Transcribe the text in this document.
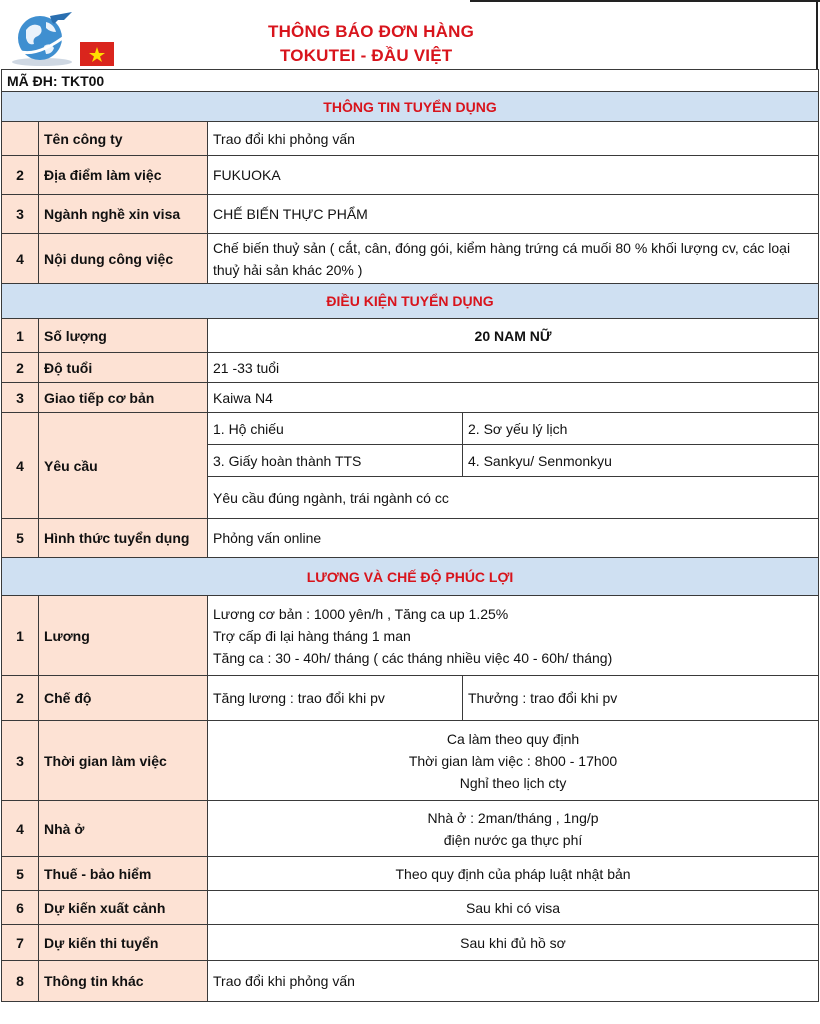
THÔNG BÁO ĐƠN HÀNG
TOKUTEI - ĐẦU VIỆT
MÃ ĐH: TKT00			
THÔNG TIN TUYỂN DỤNG			
	Tên công ty	Trao đổi khi phỏng vấn	
2	Địa điểm làm việc	FUKUOKA	
3	Ngành nghề xin visa	CHẾ BIẾN THỰC PHẨM	
4	Nội dung công việc	Chế biến thuỷ sản ( cắt, cân, đóng gói, kiểm hàng trứng cá muối 80 % khối lượng cv, các loại thuỷ hải sản khác 20% )	
ĐIỀU KIỆN TUYỂN DỤNG			
1	Số lượng	20 NAM NỮ	
2	Độ tuổi	21 -33 tuổi	
3	Giao tiếp cơ bản	Kaiwa N4	
4	Yêu cầu	1. Hộ chiếu	2. Sơ yếu lý lịch
		3. Giấy hoàn thành TTS	4. Sankyu/ Senmonkyu
		Yêu cầu đúng ngành, trái ngành có cc	
5	Hình thức tuyển dụng	Phỏng vấn online	
LƯƠNG VÀ CHẾ ĐỘ PHÚC LỢI			
1	Lương	Lương cơ bản : 1000 yên/h , Tăng ca up 1.25%
Trợ cấp đi lại hàng tháng 1 man
Tăng ca : 30 - 40h/ tháng ( các tháng nhiều việc 40 - 60h/ tháng)	

2	Chế độ	Tăng lương : trao đổi khi pv	Thưởng : trao đổi khi pv
3	Thời gian làm việc	Ca làm theo quy định
Thời gian làm việc : 8h00 - 17h00
Nghỉ theo lịch cty	

4	Nhà ở	Nhà ở : 2man/tháng , 1ng/p
điện nước ga thực phí	

5	Thuế - bảo hiểm	Theo quy định của pháp luật nhật bản	
6	Dự kiến xuất cảnh	Sau khi có visa	
7	Dự kiến thi tuyển	Sau khi đủ hồ sơ	
8	Thông tin khác	Trao đổi khi phỏng vấn	
